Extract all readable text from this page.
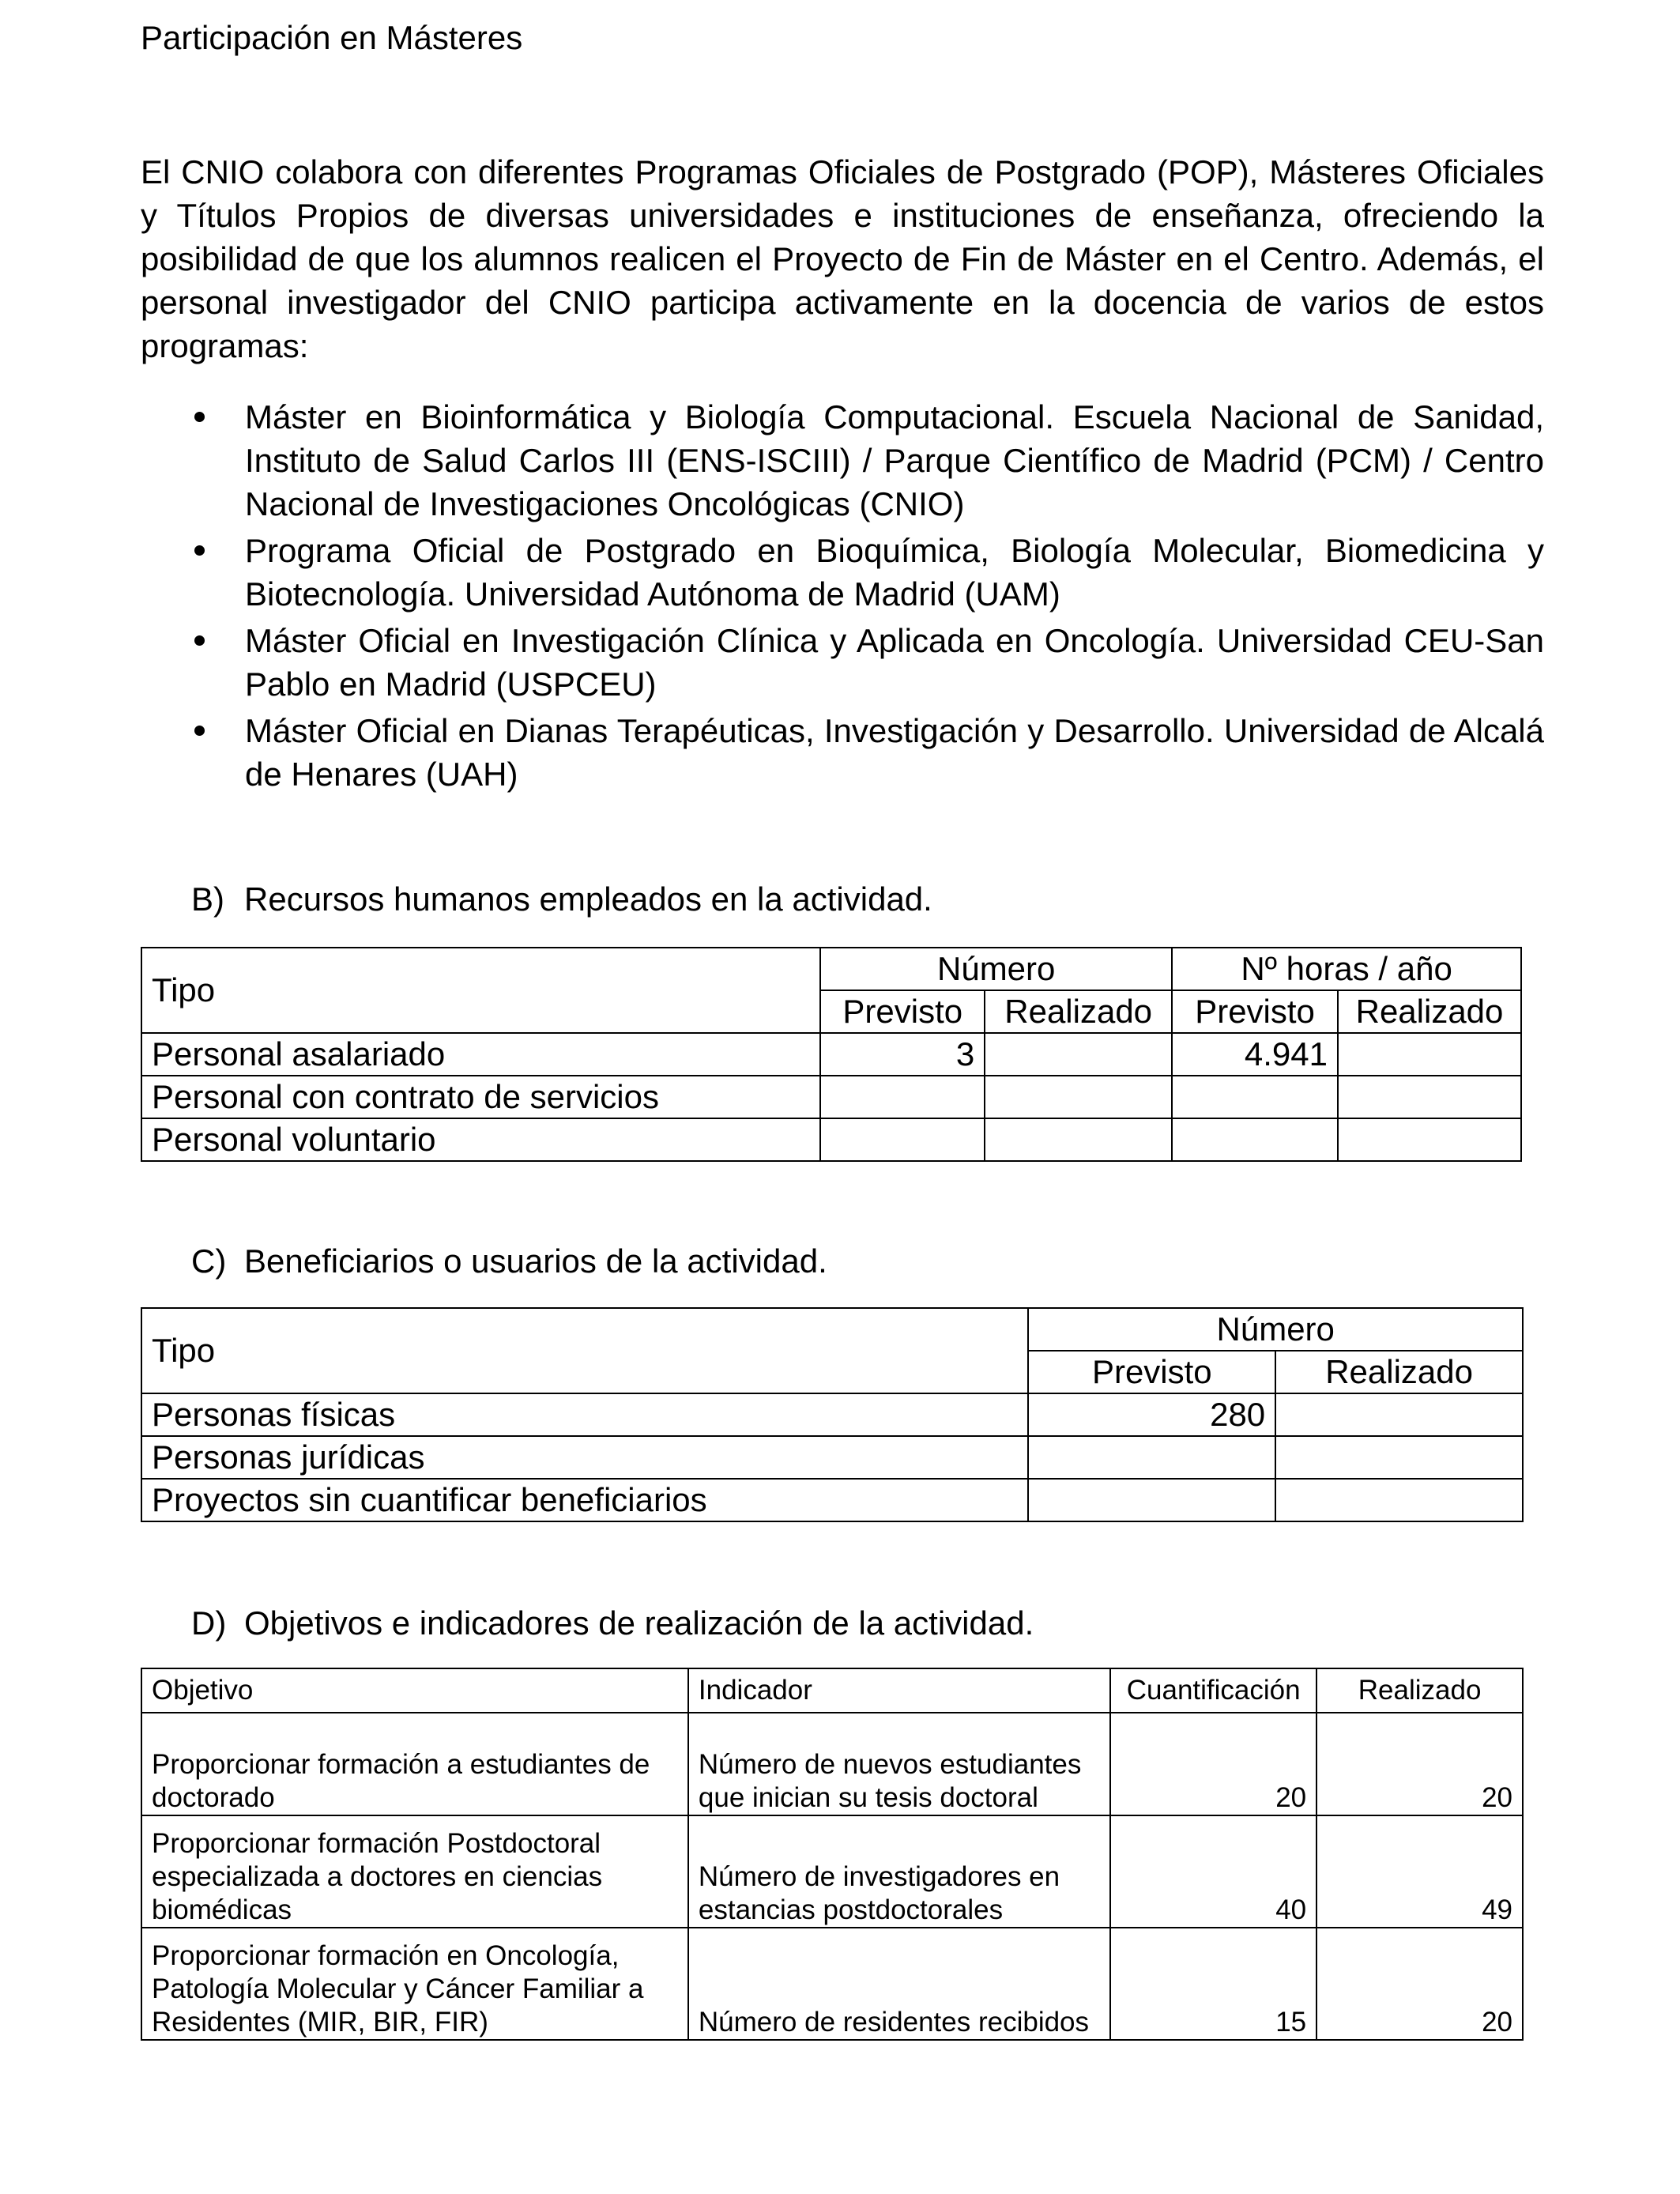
Participación en Másteres

El CNIO colabora con diferentes Programas Oficiales de Postgrado (POP), Másteres Oficiales y Títulos Propios de diversas universidades e instituciones de enseñanza, ofreciendo la posibilidad de que los alumnos realicen el Proyecto de Fin de Máster en el Centro. Además, el personal investigador del CNIO participa activamente en la docencia de varios de estos programas:

Máster en Bioinformática y Biología Computacional. Escuela Nacional de Sanidad, Instituto de Salud Carlos III (ENS-ISCIII) / Parque Científico de Madrid (PCM) / Centro Nacional de Investigaciones Oncológicas (CNIO)
Programa Oficial de Postgrado en Bioquímica, Biología Molecular, Biomedicina y Biotecnología. Universidad Autónoma de Madrid (UAM)
Máster Oficial en Investigación Clínica y Aplicada en Oncología. Universidad CEU-San Pablo en Madrid (USPCEU)
Máster Oficial en Dianas Terapéuticas, Investigación y Desarrollo. Universidad de Alcalá de Henares (UAH)
B) Recursos humanos empleados en la actividad.
Tipo	Número		Nº horas / año	
	Previsto	Realizado	Previsto	Realizado
Personal asalariado	3		4.941	
Personal con contrato de servicios				
Personal voluntario				
C) Beneficiarios o usuarios de la actividad.
Tipo	Número	
	Previsto	Realizado
Personas físicas	280	
Personas jurídicas		
Proyectos sin cuantificar beneficiarios		
D) Objetivos e indicadores de realización de la actividad.
Objetivo	Indicador	Cuantificación	Realizado
Proporcionar formación a estudiantes de doctorado	Número de nuevos estudiantes que inician su tesis doctoral	20	20
Proporcionar formación Postdoctoral especializada a doctores en ciencias biomédicas	Número de investigadores en estancias postdoctorales	40	49
Proporcionar formación en Oncología, Patología Molecular y Cáncer Familiar a Residentes (MIR, BIR, FIR)	Número de residentes recibidos	15	20
